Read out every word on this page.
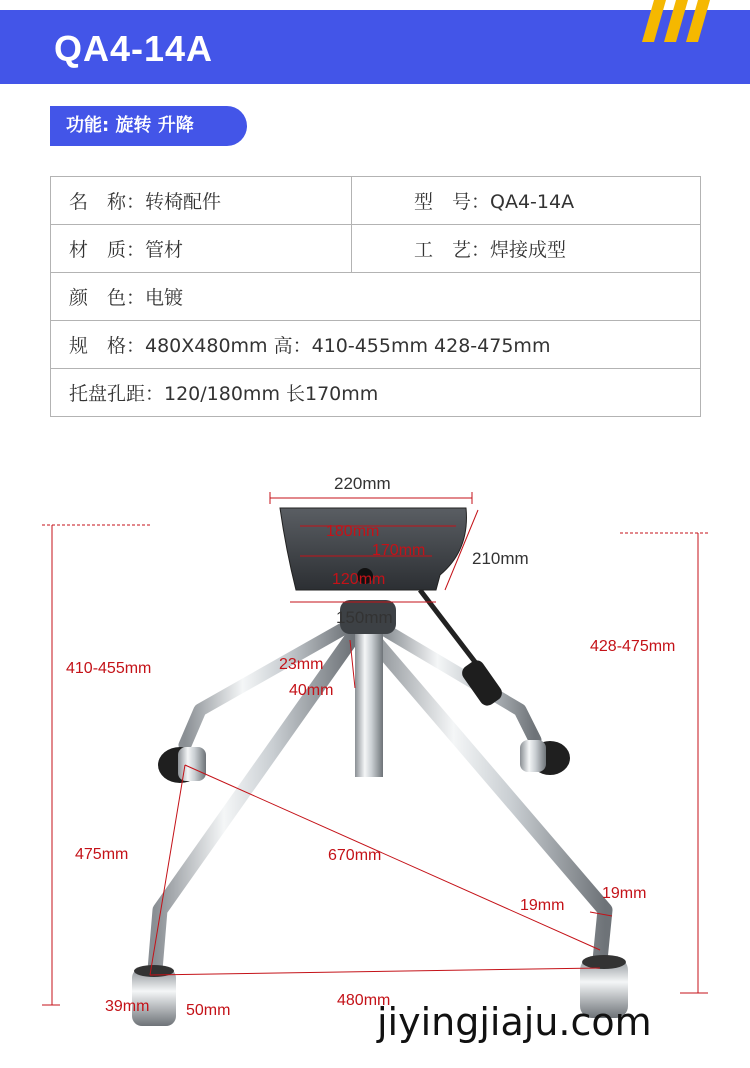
QA4-14A
功能: 旋转 升降
名　称：转椅配件	型　号：QA4-14A
材　质：管材	工　艺：焊接成型
颜　色：电镀	
规　格：480X480mm 高：410-455mm 428-475mm	
托盘孔距：120/180mm 长170mm	
220mm
180mm
170mm	210mm
120mm
150mm
23mm
40mm
410-455mm
428-475mm
475mm	670mm
19mm
19mm
39mm 50mm
480mm
jiyingjiaju.com
